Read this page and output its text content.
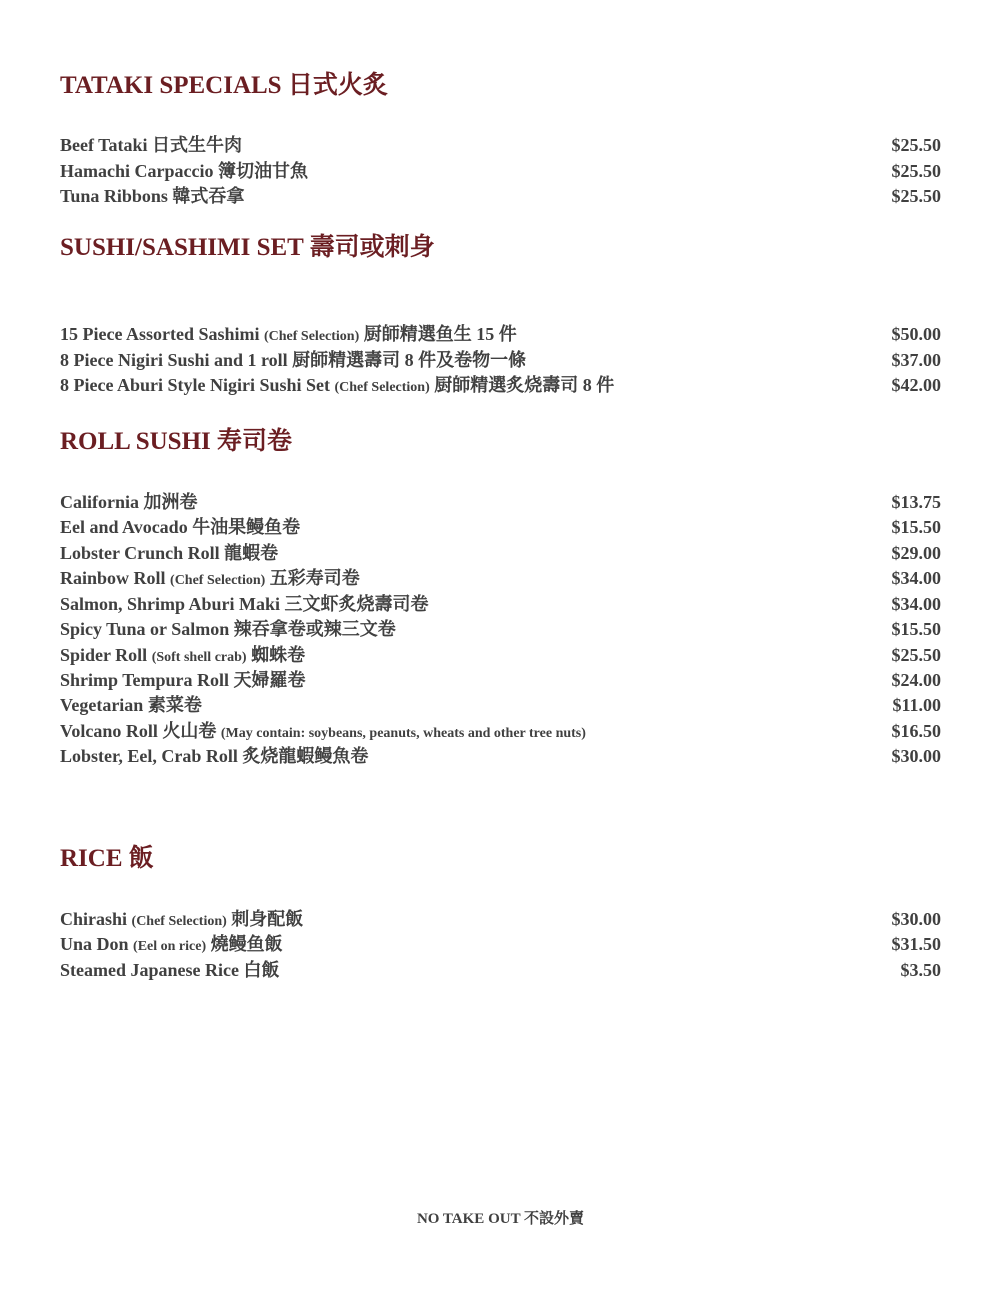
TATAKI SPECIALS 日式火炙
Beef Tataki 日式生牛肉	$25.50
Hamachi Carpaccio 簿切油甘魚	$25.50
Tuna Ribbons 韓式吞拿	$25.50
SUSHI/SASHIMI SET 壽司或刺身
15 Piece Assorted Sashimi (Chef Selection) 厨師精選鱼生 15 件	$50.00
8 Piece Nigiri Sushi and 1 roll 厨師精選壽司 8 件及卷物一條	$37.00
8 Piece Aburi Style Nigiri Sushi Set (Chef Selection) 厨師精選炙烧壽司 8 件	$42.00
ROLL SUSHI 寿司卷
California 加洲卷	$13.75
Eel and Avocado 牛油果鳗鱼卷	$15.50
Lobster Crunch Roll 龍蝦卷	$29.00
Rainbow Roll (Chef Selection) 五彩寿司卷	$34.00
Salmon, Shrimp Aburi Maki 三文虾炙烧壽司卷	$34.00
Spicy Tuna or Salmon 辣吞拿卷或辣三文卷	$15.50
Spider Roll (Soft shell crab) 蜘蛛卷	$25.50
Shrimp Tempura Roll 天婦羅卷	$24.00
Vegetarian 素菜卷	$11.00
Volcano Roll 火山卷 (May contain: soybeans, peanuts, wheats and other tree nuts)	$16.50
Lobster, Eel, Crab Roll 炙烧龍蝦鳗魚卷	$30.00
RICE 飯
Chirashi (Chef Selection) 刺身配飯	$30.00
Una Don (Eel on rice) 燒鳗鱼飯	$31.50
Steamed Japanese Rice 白飯	$3.50
NO TAKE OUT 不設外賣
